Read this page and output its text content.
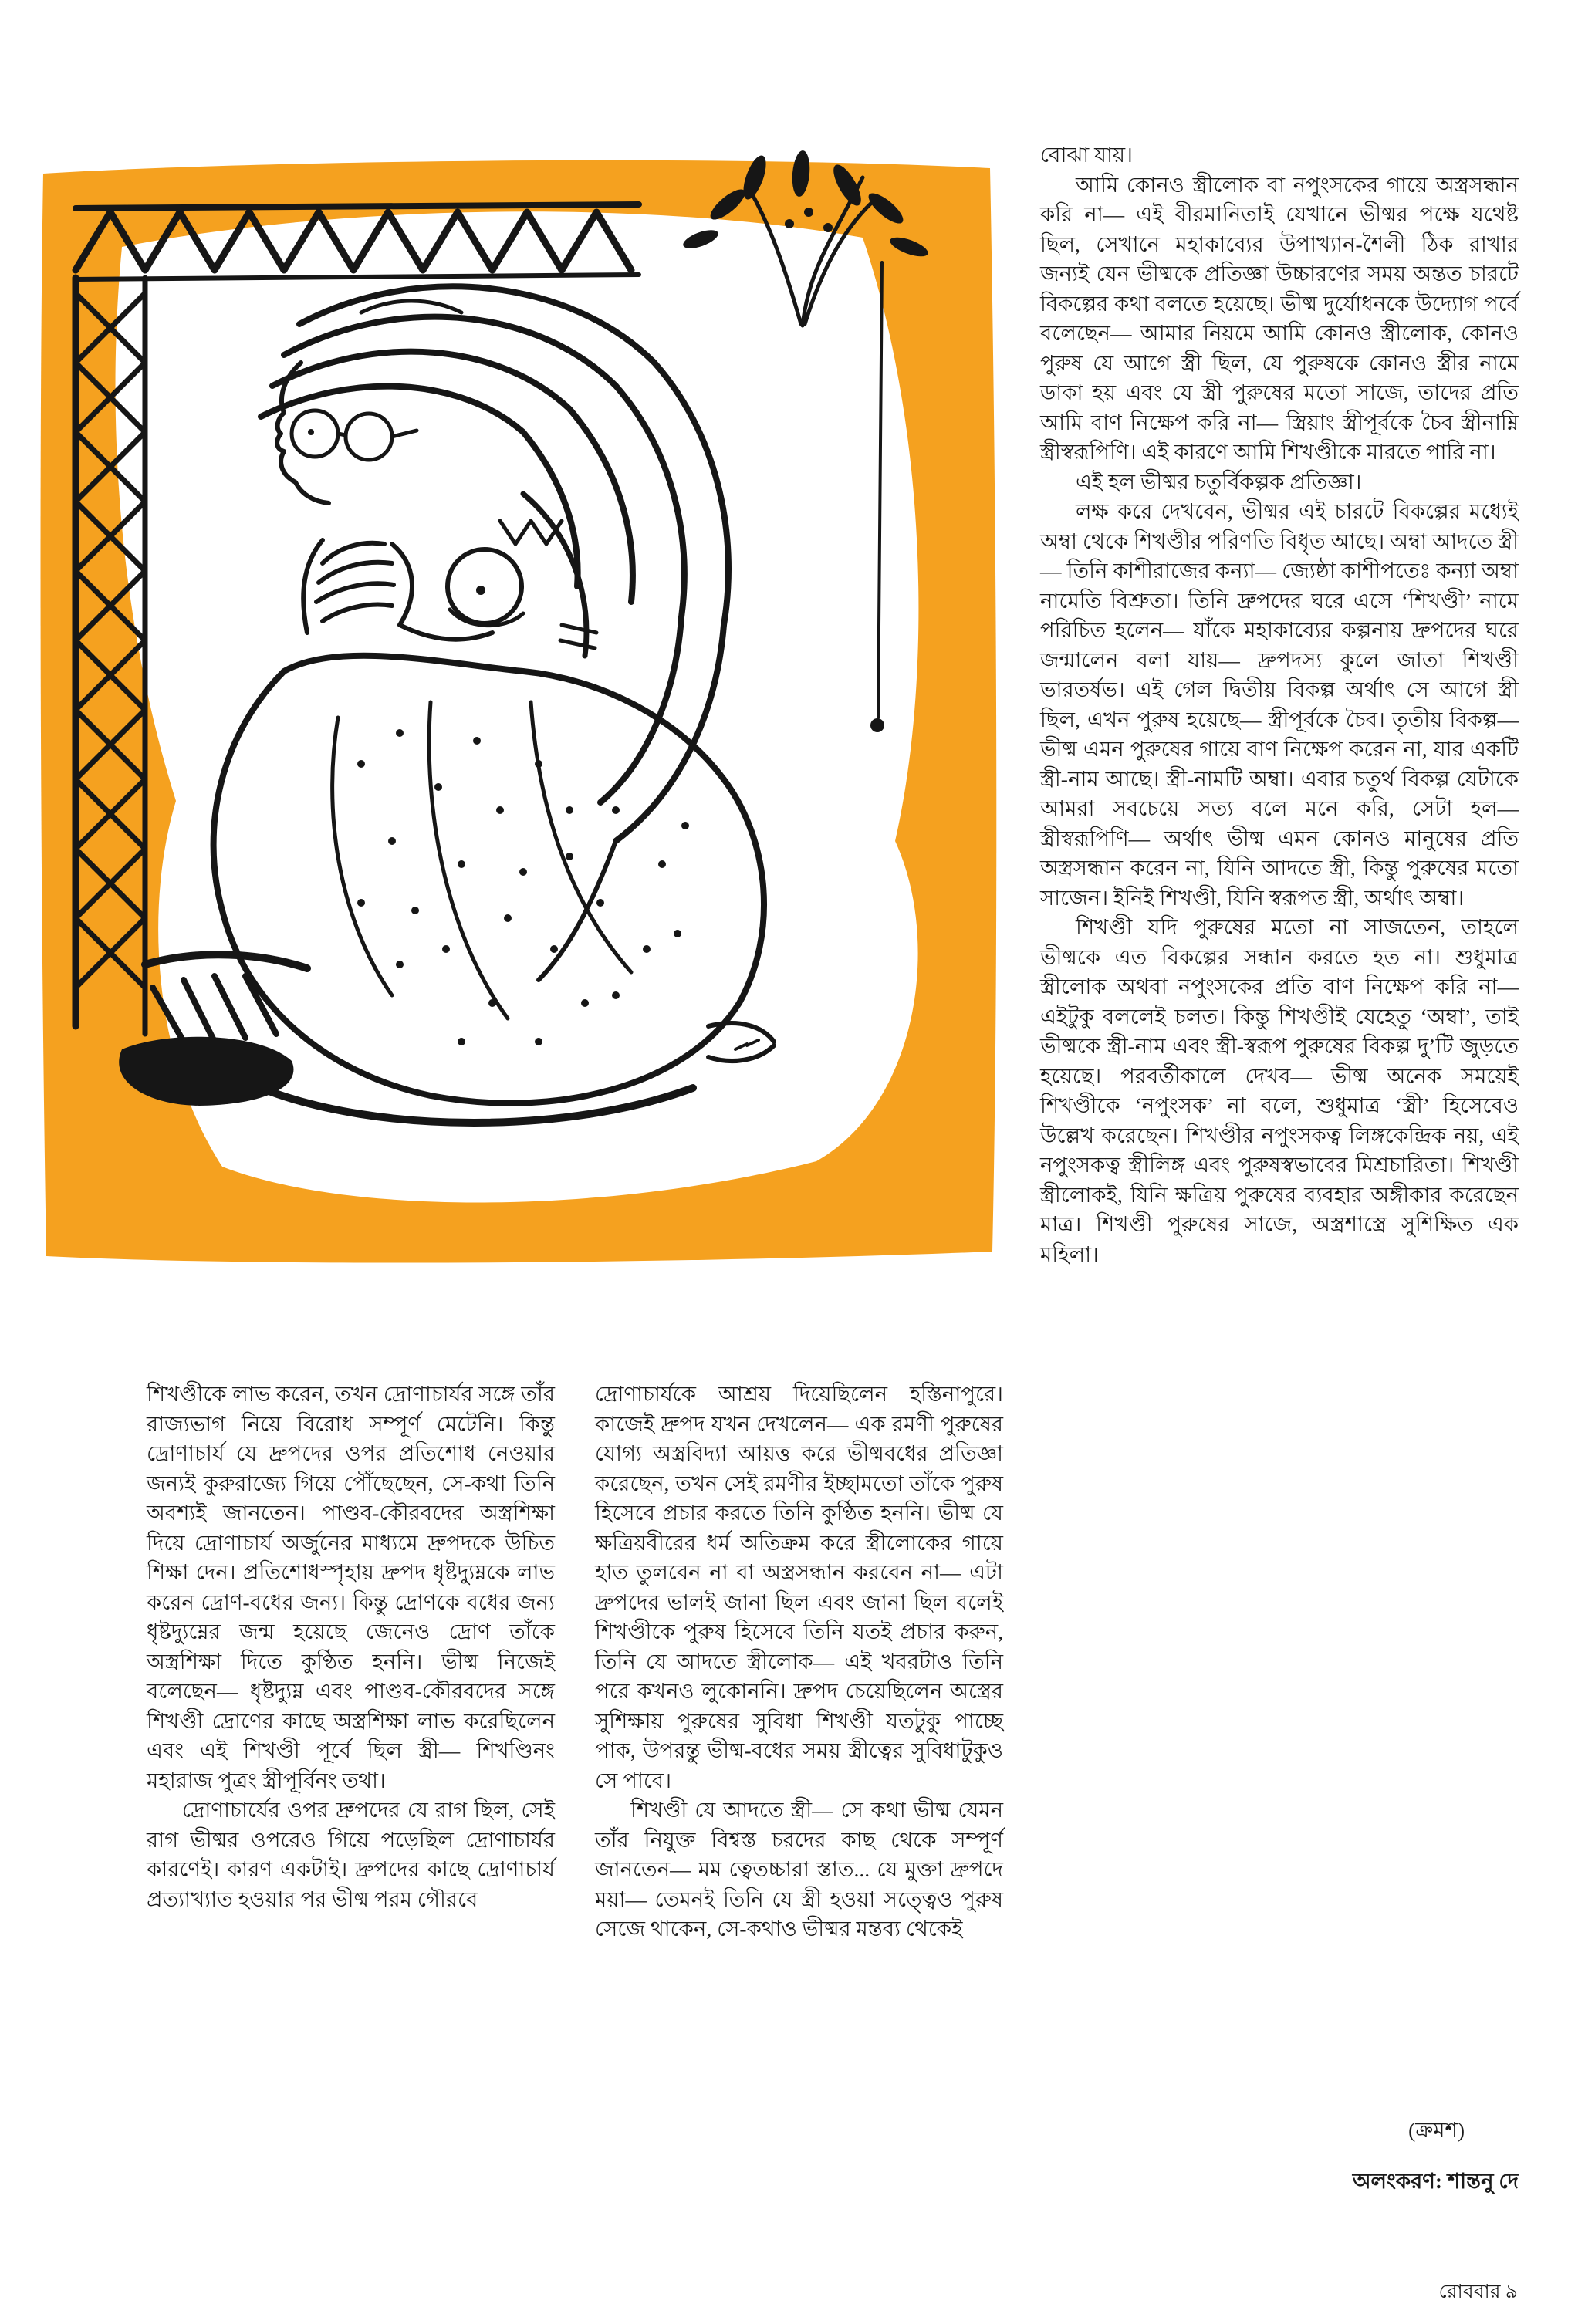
বোঝা যায়।

আমি কোনও স্ত্রীলোক বা নপুংসকের গায়ে অস্ত্রসন্ধান করি না— এই বীরমানিতাই যেখানে ভীষ্মর পক্ষে যথেষ্ট ছিল, সেখানে মহাকাব্যের উপাখ্যান-শৈলী ঠিক রাখার জন্যই যেন ভীষ্মকে প্রতিজ্ঞা উচ্চারণের সময় অন্তত চারটে বিকল্পের কথা বলতে হয়েছে। ভীষ্ম দুর্যোধনকে উদ্যোগ পর্বে বলেছেন— আমার নিয়মে আমি কোনও স্ত্রীলোক, কোনও পুরুষ যে আগে স্ত্রী ছিল, যে পুরুষকে কোনও স্ত্রীর নামে ডাকা হয় এবং যে স্ত্রী পুরুষের মতো সাজে, তাদের প্রতি আমি বাণ নিক্ষেপ করি না— স্ত্রিয়াং স্ত্রীপূর্বকে চৈব স্ত্রীনাম্নি স্ত্রীস্বরূপিণি। এই কারণে আমি শিখণ্ডীকে মারতে পারি না।

এই হল ভীষ্মর চতুর্বিকল্পক প্রতিজ্ঞা।

লক্ষ করে দেখবেন, ভীষ্মর এই চারটে বিকল্পের মধ্যেই অম্বা থেকে শিখণ্ডীর পরিণতি বিধৃত আছে। অম্বা আদতে স্ত্রী— তিনি কাশীরাজের কন্যা— জ্যেষ্ঠা কাশীপতেঃ কন্যা অম্বা নামেতি বিশ্রুতা। তিনি দ্রুপদের ঘরে এসে ‘শিখণ্ডী’ নামে পরিচিত হলেন— যাঁকে মহাকাব্যের কল্পনায় দ্রুপদের ঘরে জন্মালেন বলা যায়— দ্রুপদস্য কুলে জাতা শিখণ্ডী ভারতর্ষভ। এই গেল দ্বিতীয় বিকল্প অর্থাৎ সে আগে স্ত্রী ছিল, এখন পুরুষ হয়েছে— স্ত্রীপূর্বকে চৈব। তৃতীয় বিকল্প— ভীষ্ম এমন পুরুষের গায়ে বাণ নিক্ষেপ করেন না, যার একটি স্ত্রী-নাম আছে। স্ত্রী-নামটি অম্বা। এবার চতুর্থ বিকল্প যেটাকে আমরা সবচেয়ে সত্য বলে মনে করি, সেটা হল— স্ত্রীস্বরূপিণি— অর্থাৎ ভীষ্ম এমন কোনও মানুষের প্রতি অস্ত্রসন্ধান করেন না, যিনি আদতে স্ত্রী, কিন্তু পুরুষের মতো সাজেন। ইনিই শিখণ্ডী, যিনি স্বরূপত স্ত্রী, অর্থাৎ অম্বা।

শিখণ্ডী যদি পুরুষের মতো না সাজতেন, তাহলে ভীষ্মকে এত বিকল্পের সন্ধান করতে হত না। শুধুমাত্র স্ত্রীলোক অথবা নপুংসকের প্রতি বাণ নিক্ষেপ করি না— এইটুকু বললেই চলত। কিন্তু শিখণ্ডীই যেহেতু ‘অম্বা’, তাই ভীষ্মকে স্ত্রী-নাম এবং স্ত্রী-স্বরূপ পুরুষের বিকল্প দু’টি জুড়তে হয়েছে। পরবর্তীকালে দেখব— ভীষ্ম অনেক সময়েই শিখণ্ডীকে ‘নপুংসক’ না বলে, শুধুমাত্র ‘স্ত্রী’ হিসেবেও উল্লেখ করেছেন। শিখণ্ডীর নপুংসকত্ব লিঙ্গকেন্দ্রিক নয়, এই নপুংসকত্ব স্ত্রীলিঙ্গ এবং পুরুষস্বভাবের মিশ্রচারিতা। শিখণ্ডী স্ত্রীলোকই, যিনি ক্ষত্রিয় পুরুষের ব্যবহার অঙ্গীকার করেছেন মাত্র। শিখণ্ডী পুরুষের সাজে, অস্ত্রশাস্ত্রে সুশিক্ষিত এক মহিলা।

শিখণ্ডীকে লাভ করেন, তখন দ্রোণাচার্যর সঙ্গে তাঁর রাজ্যভাগ নিয়ে বিরোধ সম্পূর্ণ মেটেনি। কিন্তু দ্রোণাচার্য যে দ্রুপদের ওপর প্রতিশোধ নেওয়ার জন্যই কুরুরাজ্যে গিয়ে পৌঁছেছেন, সে-কথা তিনি অবশ্যই জানতেন। পাণ্ডব-কৌরবদের অস্ত্রশিক্ষা দিয়ে দ্রোণাচার্য অর্জুনের মাধ্যমে দ্রুপদকে উচিত শিক্ষা দেন। প্রতিশোধস্পৃহায় দ্রুপদ ধৃষ্টদ্যুম্নকে লাভ করেন দ্রোণ-বধের জন্য। কিন্তু দ্রোণকে বধের জন্য ধৃষ্টদ্যুম্নের জন্ম হয়েছে জেনেও দ্রোণ তাঁকে অস্ত্রশিক্ষা দিতে কুণ্ঠিত হননি। ভীষ্ম নিজেই বলেছেন— ধৃষ্টদ্যুম্ন এবং পাণ্ডব-কৌরবদের সঙ্গে শিখণ্ডী দ্রোণের কাছে অস্ত্রশিক্ষা লাভ করেছিলেন এবং এই শিখণ্ডী পূর্বে ছিল স্ত্রী— শিখণ্ডিনং মহারাজ পুত্রং স্ত্রীপূর্বিনং তথা।

দ্রোণাচার্যের ওপর দ্রুপদের যে রাগ ছিল, সেই রাগ ভীষ্মর ওপরেও গিয়ে পড়েছিল দ্রোণাচার্যর কারণেই। কারণ একটাই। দ্রুপদের কাছে দ্রোণাচার্য প্রত্যাখ্যাত হওয়ার পর ভীষ্ম পরম গৌরবে

দ্রোণাচার্যকে আশ্রয় দিয়েছিলেন হস্তিনাপুরে। কাজেই দ্রুপদ যখন দেখলেন— এক রমণী পুরুষের যোগ্য অস্ত্রবিদ্যা আয়ত্ত করে ভীষ্মবধের প্রতিজ্ঞা করেছেন, তখন সেই রমণীর ইচ্ছামতো তাঁকে পুরুষ হিসেবে প্রচার করতে তিনি কুণ্ঠিত হননি। ভীষ্ম যে ক্ষত্রিয়বীরের ধর্ম অতিক্রম করে স্ত্রীলোকের গায়ে হাত তুলবেন না বা অস্ত্রসন্ধান করবেন না— এটা দ্রুপদের ভালই জানা ছিল এবং জানা ছিল বলেই শিখণ্ডীকে পুরুষ হিসেবে তিনি যতই প্রচার করুন, তিনি যে আদতে স্ত্রীলোক— এই খবরটাও তিনি পরে কখনও লুকোননি। দ্রুপদ চেয়েছিলেন অস্ত্রের সুশিক্ষায় পুরুষের সুবিধা শিখণ্ডী যতটুকু পাচ্ছে পাক, উপরন্তু ভীষ্ম-বধের সময় স্ত্রীত্বের সুবিধাটুকুও সে পাবে।

শিখণ্ডী যে আদতে স্ত্রী— সে কথা ভীষ্ম যেমন তাঁর নিযুক্ত বিশ্বস্ত চরদের কাছ থেকে সম্পূর্ণ জানতেন— মম ত্বেতচ্চারা স্তাত... যে মুক্তা দ্রুপদে ময়া— তেমনই তিনি যে স্ত্রী হওয়া সত্ত্বেও পুরুষ সেজে থাকেন, সে-কথাও ভীষ্মর মন্তব্য থেকেই

(ক্রমশ)

অলংকরণ: শান্তনু দে

রোববার ৯
